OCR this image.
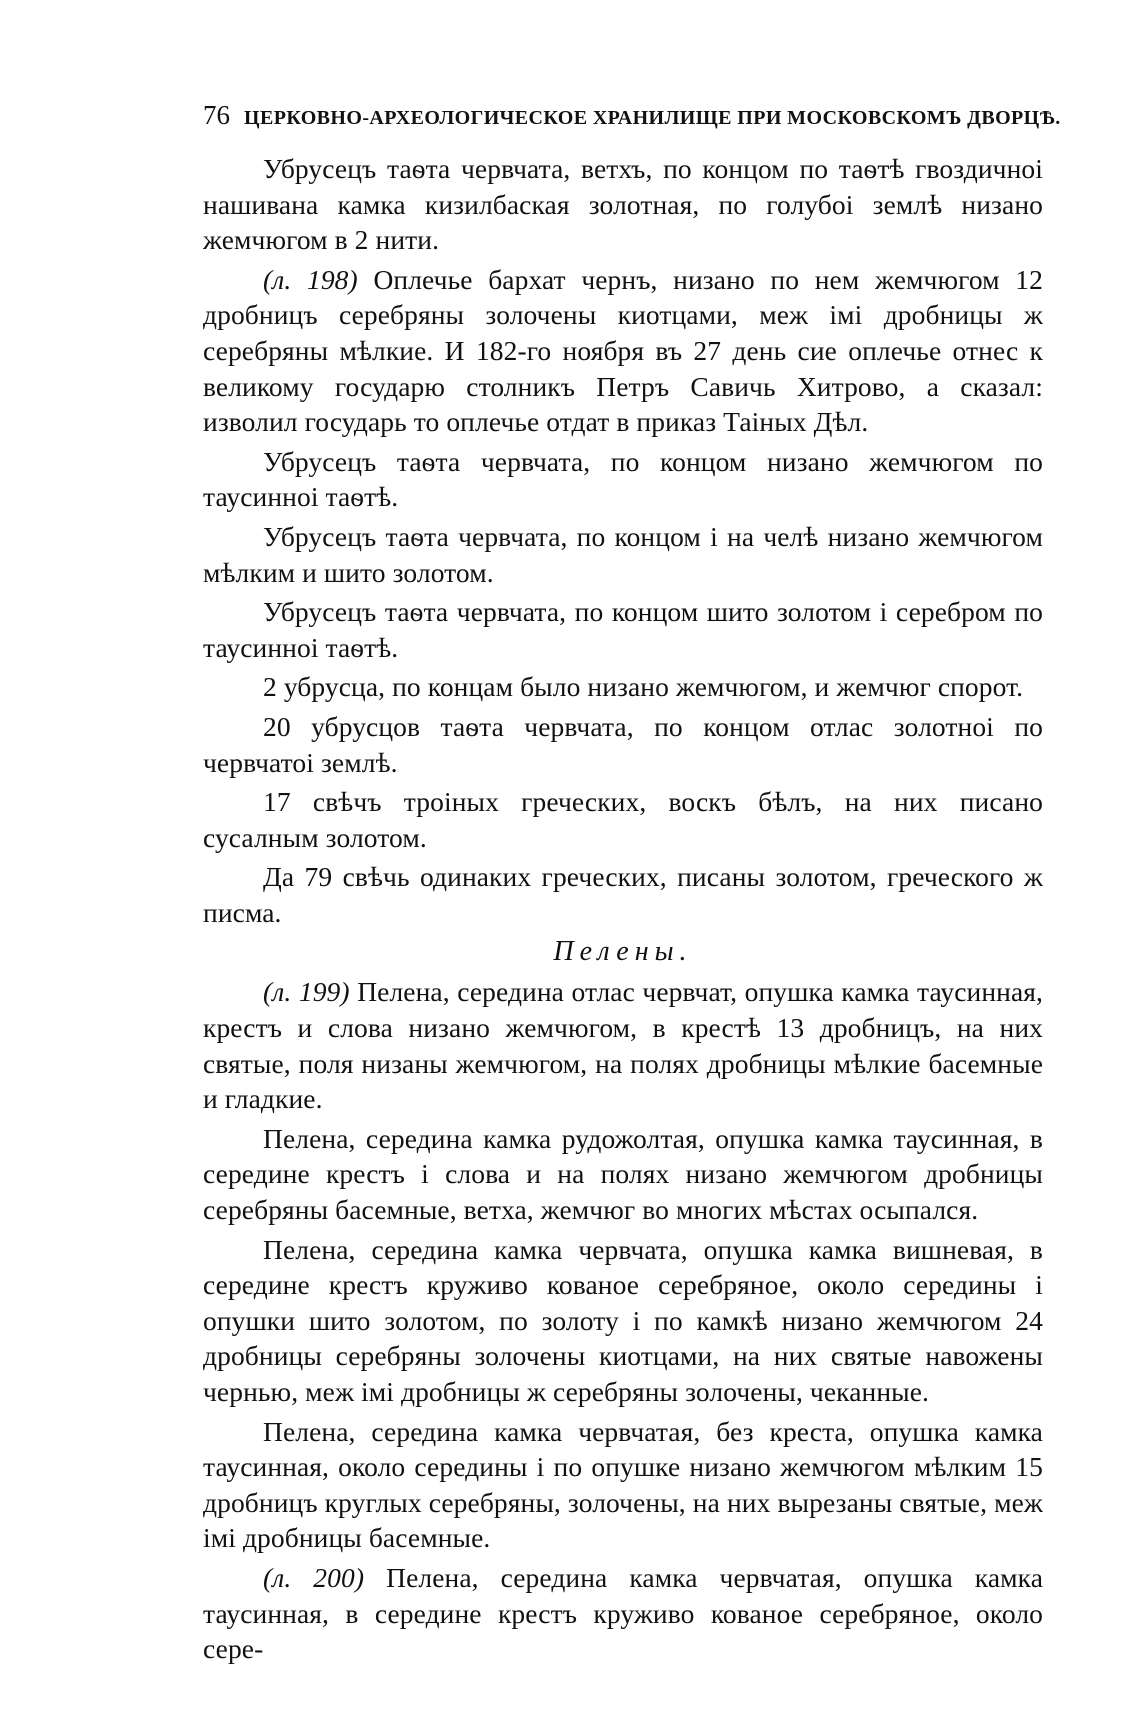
76 ЦЕРКОВНО-АРХЕОЛОГИЧЕСКОЕ ХРАНИЛИЩЕ ПРИ МОСКОВСКОМЪ ДВОРЦѢ.

Убрусецъ таѳта червчата, ветхъ, по концом по таѳтѣ гвоздичноі нашивана камка кизилбаская золотная, по голубоі землѣ низано жемчюгом в 2 нити.

(л. 198) Оплечье бархат чернъ, низано по нем жемчюгом 12 дробницъ серебряны золочены киотцами, меж імі дробницы ж серебряны мѣлкие. И 182-го ноября въ 27 день сие оплечье отнес к великому государю столникъ Петръ Савичь Хитрово, а сказал: изволил государь то оплечье отдат в приказ Таіных Дѣл.

Убрусецъ таѳта червчата, по концом низано жемчюгом по таусинноі таѳтѣ.

Убрусецъ таѳта червчата, по концом і на челѣ низано жемчюгом мѣлким и шито золотом.

Убрусецъ таѳта червчата, по концом шито золотом і серебром по таусинноі таѳтѣ.

2 убрусца, по концам было низано жемчюгом, и жемчюг спорот.

20 убрусцов таѳта червчата, по концом отлас золотноі по червчатоі землѣ.

17 свѣчъ троіных греческих, воскъ бѣлъ, на них писано сусалным золотом.

Да 79 свѣчь одинаких греческих, писаны золотом, греческого ж писма.

Пелены.

(л. 199) Пелена, середина отлас червчат, опушка камка таусинная, крестъ и слова низано жемчюгом, в крестѣ 13 дробницъ, на них святые, поля низаны жемчюгом, на полях дробницы мѣлкие басемные и гладкие.

Пелена, середина камка рудожолтая, опушка камка таусинная, в середине крестъ і слова и на полях низано жемчюгом дробницы серебряны басемные, ветха, жемчюг во многих мѣстах осыпался.

Пелена, середина камка червчата, опушка камка вишневая, в середине крестъ круживо кованое серебряное, около середины і опушки шито золотом, по золоту і по камкѣ низано жемчюгом 24 дробницы серебряны золочены киотцами, на них святые навожены чернью, меж імі дробницы ж серебряны золочены, чеканные.

Пелена, середина камка червчатая, без креста, опушка камка таусинная, около середины і по опушке низано жемчюгом мѣлким 15 дробницъ круглых серебряны, золочены, на них вырезаны святые, меж імі дробницы басемные.

(л. 200) Пелена, середина камка червчатая, опушка камка таусинная, в середине крестъ круживо кованое серебряное, около сере-
